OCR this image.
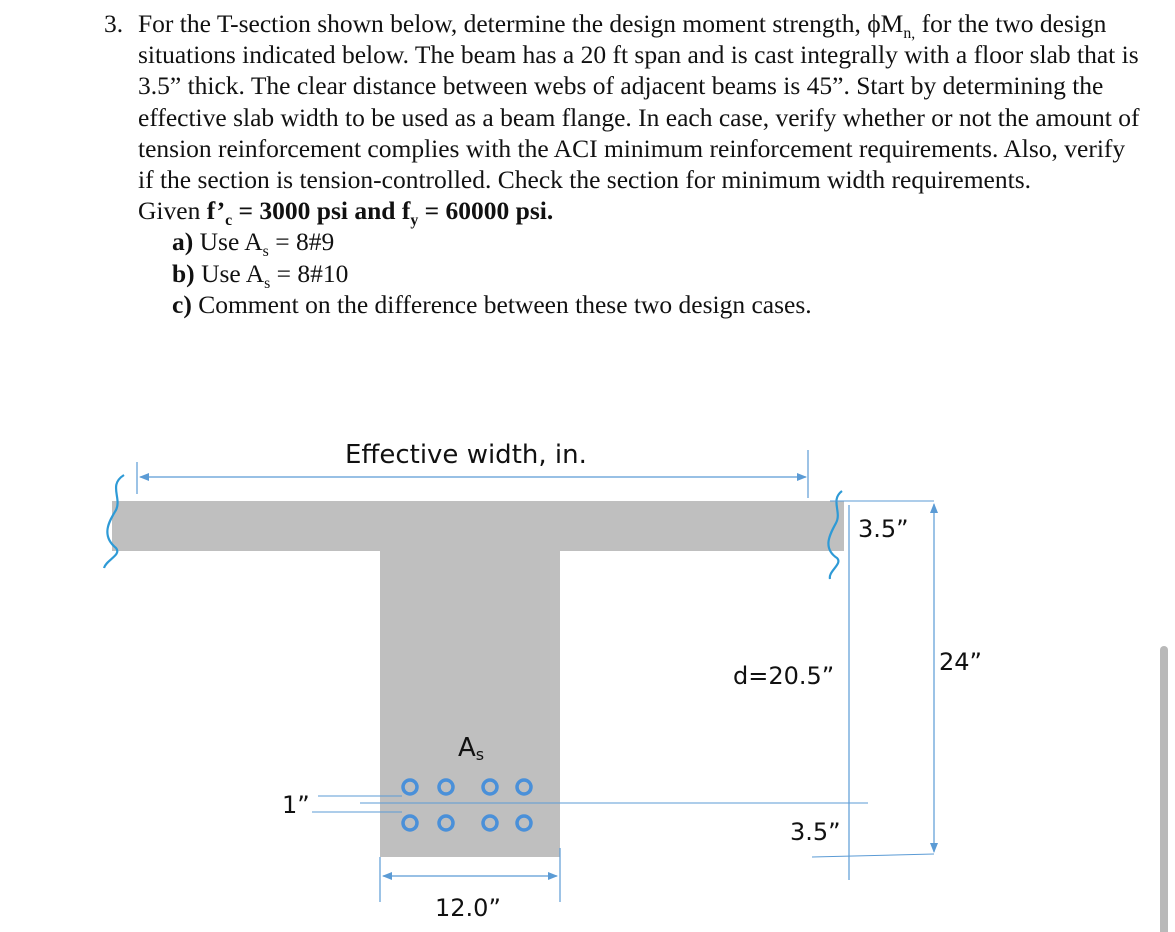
3. For the T-section shown below, determine the design moment strength, $\phi M_{n,}$ for the two design situations indicated below. The beam has a 20 ft span and is cast integrally with a floor slab that is 3.5” thick. The clear distance between webs of adjacent beams is 45”. Start by determining the effective slab width to be used as a beam flange. In each case, verify whether or not the amount of tension reinforcement complies with the ACI minimum reinforcement requirements. Also, verify if the section is tension-controlled. Check the section for minimum width requirements.
Given $f’_c = 3000$ psi and $f_y = 60000$ psi.
a) Use $A_s$ = 8#9
b) Use $A_s$ = 8#10
c) Comment on the difference between these two design cases.
Effective width, in.
3.5”
24”
d=20.5”
3.5”
As
1”
12.0”
